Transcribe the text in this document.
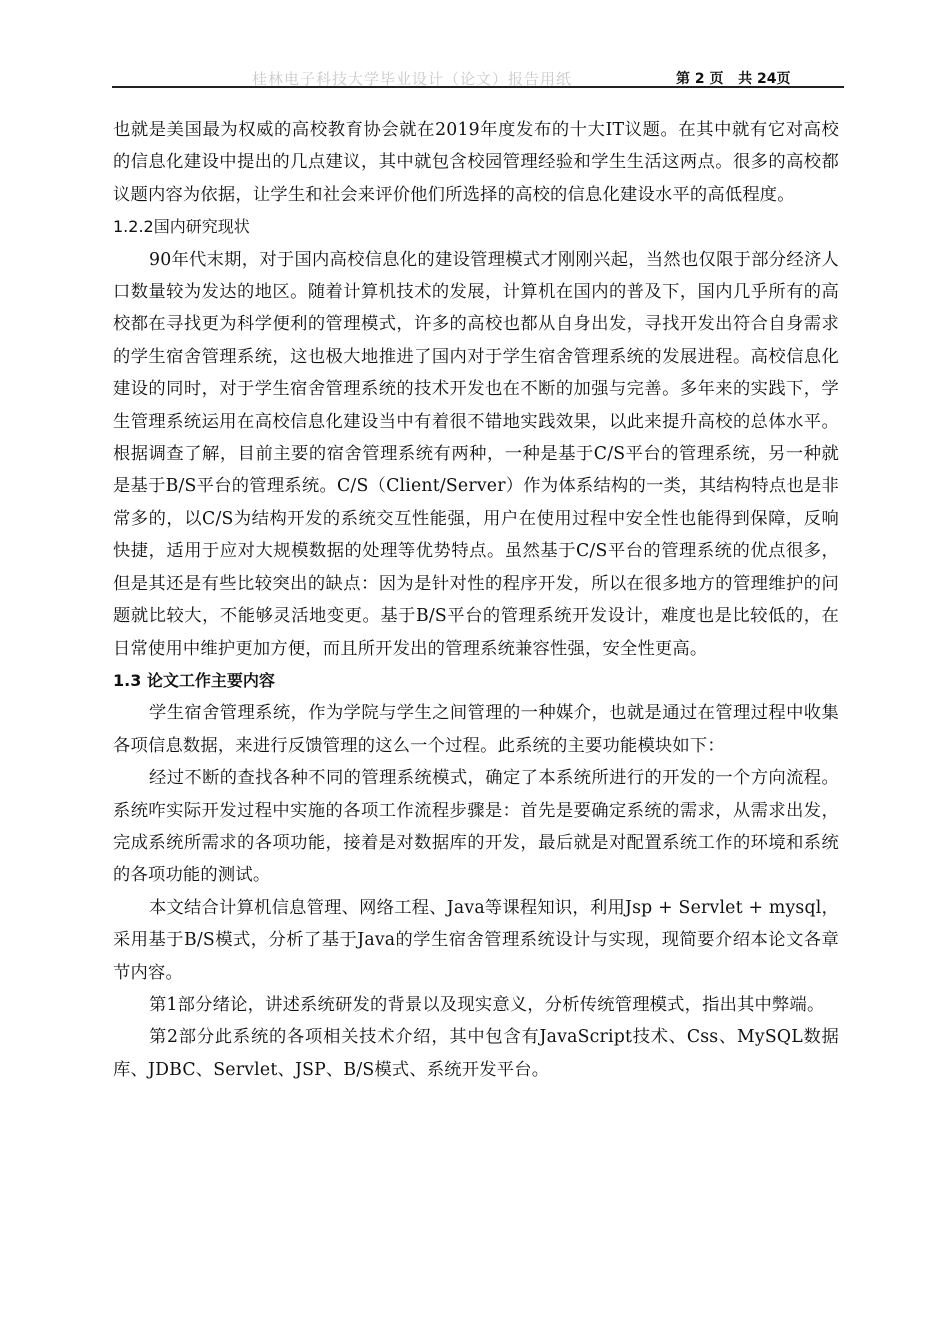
桂林电子科技大学毕业设计（论文）报告用纸	第 2 页   共 24页

也就是美国最为权威的高校教育协会就在2019年度发布的十大IT议题。在其中就有它对高校的信息化建设中提出的几点建议，其中就包含校园管理经验和学生生活这两点。很多的高校都议题内容为依据，让学生和社会来评价他们所选择的高校的信息化建设水平的高低程度。

1.2.2国内研究现状

90年代末期，对于国内高校信息化的建设管理模式才刚刚兴起，当然也仅限于部分经济人口数量较为发达的地区。随着计算机技术的发展，计算机在国内的普及下，国内几乎所有的高校都在寻找更为科学便利的管理模式，许多的高校也都从自身出发，寻找开发出符合自身需求的学生宿舍管理系统，这也极大地推进了国内对于学生宿舍管理系统的发展进程。高校信息化建设的同时，对于学生宿舍管理系统的技术开发也在不断的加强与完善。多年来的实践下，学生管理系统运用在高校信息化建设当中有着很不错地实践效果，以此来提升高校的总体水平。根据调查了解，目前主要的宿舍管理系统有两种，一种是基于C/S平台的管理系统，另一种就是基于B/S平台的管理系统。C/S（Client/Server）作为体系结构的一类，其结构特点也是非常多的，以C/S为结构开发的系统交互性能强，用户在使用过程中安全性也能得到保障，反响快捷，适用于应对大规模数据的处理等优势特点。虽然基于C/S平台的管理系统的优点很多，但是其还是有些比较突出的缺点：因为是针对性的程序开发，所以在很多地方的管理维护的问题就比较大，不能够灵活地变更。基于B/S平台的管理系统开发设计，难度也是比较低的，在日常使用中维护更加方便，而且所开发出的管理系统兼容性强，安全性更高。

1.3 论文工作主要内容

学生宿舍管理系统，作为学院与学生之间管理的一种媒介，也就是通过在管理过程中收集各项信息数据，来进行反馈管理的这么一个过程。此系统的主要功能模块如下：

经过不断的查找各种不同的管理系统模式，确定了本系统所进行的开发的一个方向流程。系统咋实际开发过程中实施的各项工作流程步骤是：首先是要确定系统的需求，从需求出发，完成系统所需求的各项功能，接着是对数据库的开发，最后就是对配置系统工作的环境和系统的各项功能的测试。

本文结合计算机信息管理、网络工程、Java等课程知识，利用Jsp + Servlet + mysql，采用基于B/S模式，分析了基于Java的学生宿舍管理系统设计与实现，现简要介绍本论文各章节内容。

第1部分绪论，讲述系统研发的背景以及现实意义，分析传统管理模式，指出其中弊端。

第2部分此系统的各项相关技术介绍，其中包含有JavaScript技术、Css、MySQL数据库、JDBC、Servlet、JSP、B/S模式、系统开发平台。
